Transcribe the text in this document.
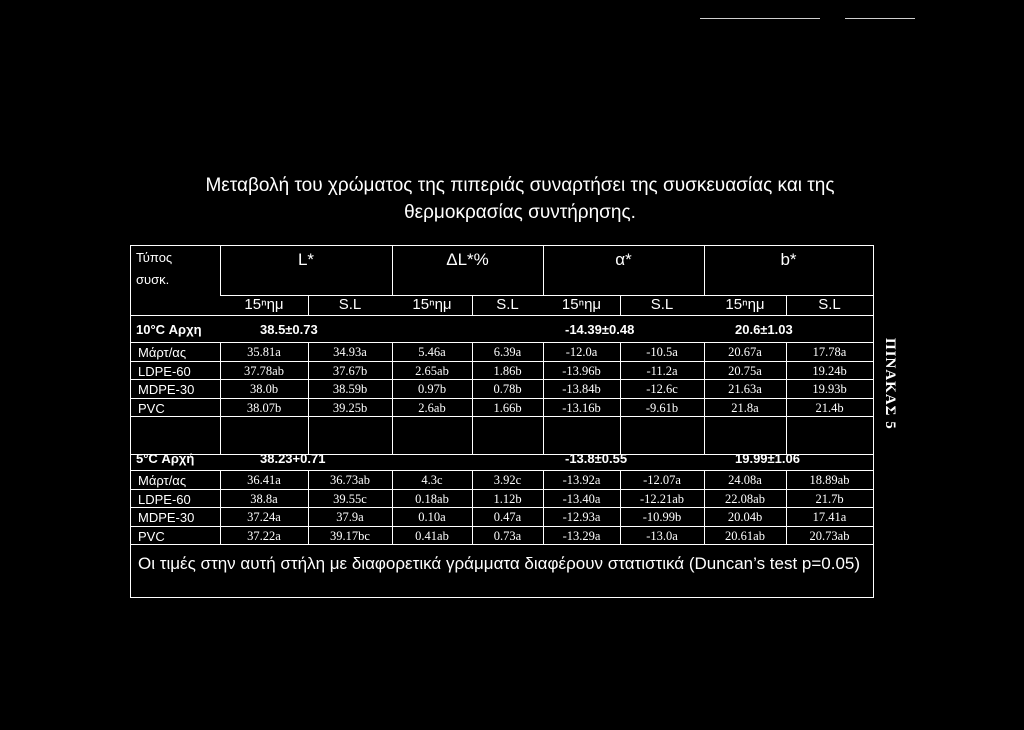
Μεταβολή του χρώματος της πιπεριάς συναρτήσει της συσκευασίας και της
θερμοκρασίας συντήρησης.
ΠΙΝΑΚΑΣ 5
Τύπος
συσκ.
L*	ΔL*%	α*	b*
15ⁿημ	S.L	15ⁿημ	S.L	15ⁿημ	S.L	15ⁿημ	S.L
10°C Αρχη	38.5±0.73	-14.39±0.48	20.6±1.03
Μάρτ/ας	35.81a	34.93a	5.46a	6.39a	-12.0a	-10.5a	20.67a	17.78a
LDPE-60	37.78ab	37.67b	2.65ab	1.86b	-13.96b	-11.2a	20.75a	19.24b
MDPE-30	38.0b	38.59b	0.97b	0.78b	-13.84b	-12.6c	21.63a	19.93b
PVC	38.07b	39.25b	2.6ab	1.66b	-13.16b	-9.61b	21.8a	21.4b
5°C Αρχή	38.23+0.71	-13.8±0.55	19.99±1.06
Μάρτ/ας	36.41a	36.73ab	4.3c	3.92c	-13.92a	-12.07a	24.08a	18.89ab
LDPE-60	38.8a	39.55c	0.18ab	1.12b	-13.40a	-12.21ab	22.08ab	21.7b
MDPE-30	37.24a	37.9a	0.10a	0.47a	-12.93a	-10.99b	20.04b	17.41a
PVC	37.22a	39.17bc	0.41ab	0.73a	-13.29a	-13.0a	20.61ab	20.73ab
Οι τιμές στην αυτή στήλη με διαφορετικά γράμματα διαφέρουν στατιστικά (Duncan’s test p=0.05)
